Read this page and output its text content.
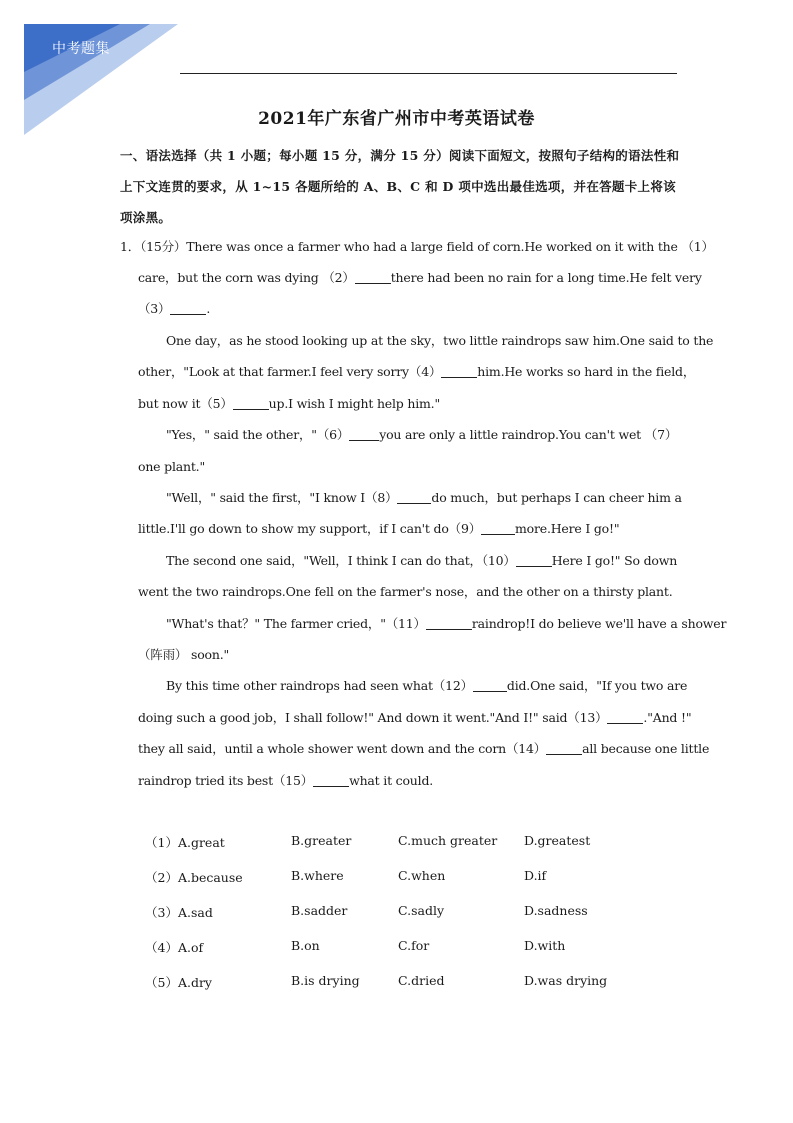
中考题集
2021年广东省广州市中考英语试卷
一、语法选择（共 1 小题；每小题 15 分，满分 15 分）阅读下面短文，按照句子结构的语法性和上下文连贯的要求，从 1~15 各题所给的 A、B、C 和 D 项中选出最佳选项，并在答题卡上将该项涂黑。
1．（15分）There was once a farmer who had a large field of corn.He worked on it with the （1）
care，but the corn was dying （2）	there had been no rain for a long time.He felt very
（3）	.
One day，as he stood looking up at the sky，two little raindrops saw him.One said to the
other，"Look at that farmer.I feel very sorry（4）	him.He works so hard in the field，
but now it（5）	up.I wish I might help him."
"Yes，" said the other，"（6） you are only a little raindrop.You can't wet （7）
one plant."
"Well，" said the first，"I know I（8）	do much，but perhaps I can cheer him a
little.I'll go down to show my support，if I can't do（9）	more.Here I go!"
The second one said，"Well，I think I can do that，（10）	Here I go!" So down
went the two raindrops.One fell on the farmer's nose，and the other on a thirsty plant.
"What's that？" The farmer cried，"（11）	raindrop!I do believe we'll have a shower
（阵雨） soon."
By this time other raindrops had seen what（12）	did.One said，"If you two are
doing such a good job，I shall follow!" And down it went."And I!" said（13）	."And !"
they all said，until a whole shower went down and the corn（14）	all because one little
raindrop tried its best（15）	what it could.
（1）A.great	B.greater	C.much greater D.greatest
（2）A.because	B.where	C.when	D.if
（3）A.sad	B.sadder	C.sadly	D.sadness
（4）A.of	B.on	C.for	D.with
（5）A.dry	B.is drying	C.dried	D.was drying
